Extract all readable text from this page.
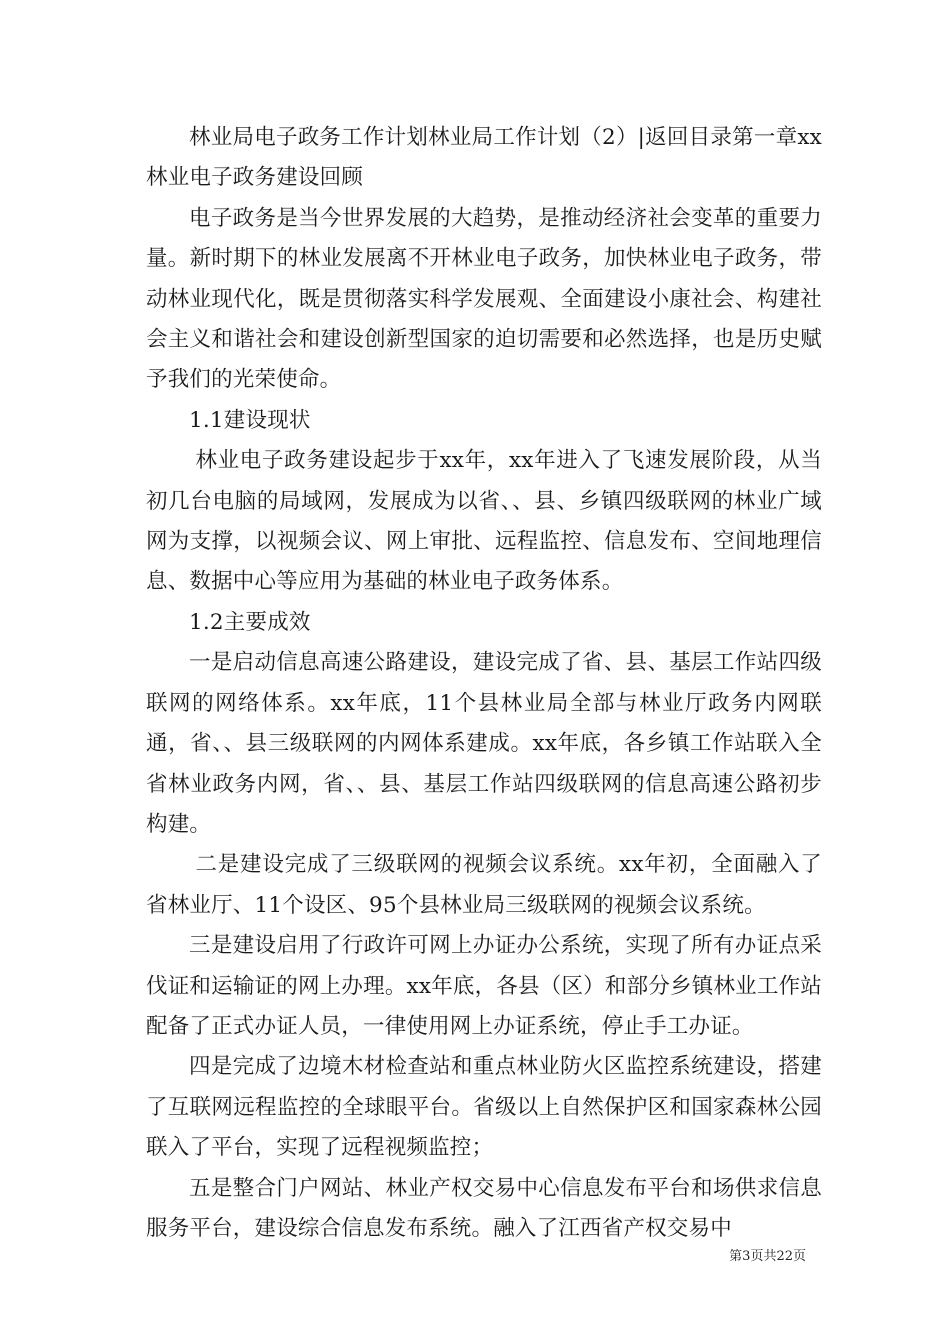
林业局电子政务工作计划林业局工作计划（2）|返回目录第一章xx林业电子政务建设回顾

电子政务是当今世界发展的大趋势，是推动经济社会变革的重要力量。新时期下的林业发展离不开林业电子政务，加快林业电子政务，带动林业现代化，既是贯彻落实科学发展观、全面建设小康社会、构建社会主义和谐社会和建设创新型国家的迫切需要和必然选择，也是历史赋予我们的光荣使命。

1.1建设现状

林业电子政务建设起步于xx年，xx年进入了飞速发展阶段，从当初几台电脑的局域网，发展成为以省、、县、乡镇四级联网的林业广域网为支撑，以视频会议、网上审批、远程监控、信息发布、空间地理信息、数据中心等应用为基础的林业电子政务体系。

1.2主要成效

一是启动信息高速公路建设，建设完成了省、县、基层工作站四级联网的网络体系。xx年底，11个县林业局全部与林业厅政务内网联通，省、、县三级联网的内网体系建成。xx年底，各乡镇工作站联入全省林业政务内网，省、、县、基层工作站四级联网的信息高速公路初步构建。

二是建设完成了三级联网的视频会议系统。xx年初，全面融入了省林业厅、11个设区、95个县林业局三级联网的视频会议系统。

三是建设启用了行政许可网上办证办公系统，实现了所有办证点采伐证和运输证的网上办理。xx年底，各县（区）和部分乡镇林业工作站配备了正式办证人员，一律使用网上办证系统，停止手工办证。

四是完成了边境木材检查站和重点林业防火区监控系统建设，搭建了互联网远程监控的全球眼平台。省级以上自然保护区和国家森林公园联入了平台，实现了远程视频监控；

五是整合门户网站、林业产权交易中心信息发布平台和场供求信息服务平台，建设综合信息发布系统。融入了江西省产权交易中

第3页共22页
